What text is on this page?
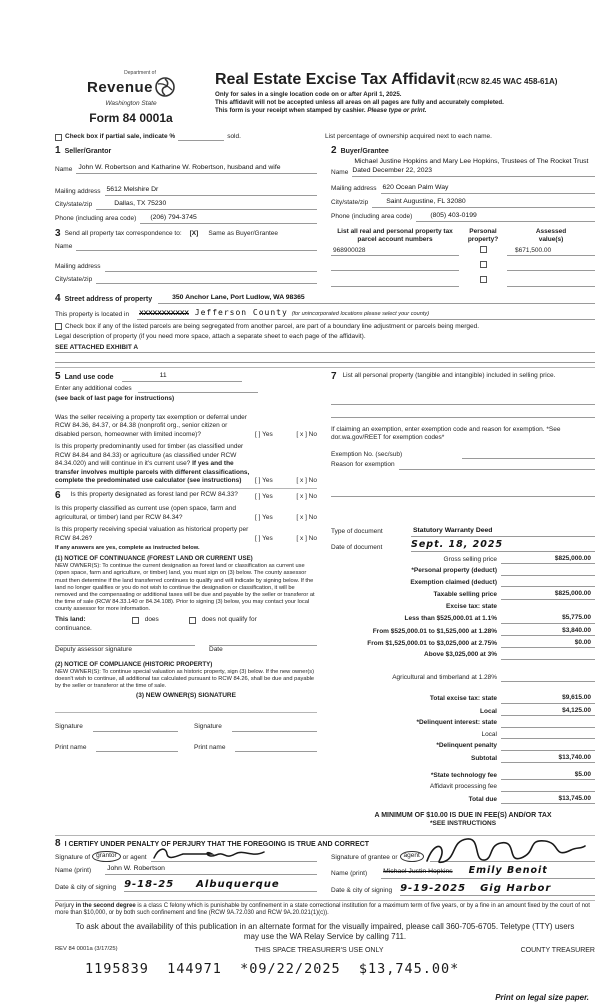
Department of
Revenue
Washington State
Form 84 0001a
Real Estate Excise Tax Affidavit (RCW 82.45 WAC 458-61A)
Only for sales in a single location code on or after April 1, 2025.
This affidavit will not be accepted unless all areas on all pages are fully and accurately completed.
This form is your receipt when stamped by cashier. Please type or print.
Check box if partial sale, indicate %	sold.	List percentage of ownership acquired next to each name.
1 Seller/Grantor
Name John W. Robertson and Katharine W. Robertson, husband and wife
Mailing address 5612 Melshire Dr
City/state/zip	Dallas, TX 75230
Phone (including area code)	(206) 794-3745
2 Buyer/Grantee
Name
Michael Justine Hopkins and Mary Lee Hopkins, Trustees of The Rocket Trust Dated December 22, 2023
Mailing address 620 Ocean Palm Way
City/state/zip	Saint Augustine, FL 32080
Phone (including area code)	(805) 403-0199
3 Send all property tax correspondence to: [X] Same as Buyer/Grantee
Name
Mailing address
City/state/zip
List all real and personal property tax
parcel account numbers
Personal
property?
Assessed
value(s)
968900028	$671,500.00
4 Street address of property	350 Anchor Lane, Port Ludlow, WA 98365
This property is located in XXXXXXXXXXX Jefferson County (for unincorporated locations please select your county)
Check box if any of the listed parcels are being segregated from another parcel, are part of a boundary line adjustment or parcels being merged.
Legal description of property (if you need more space, attach a separate sheet to each page of the affidavit).
SEE ATTACHED EXHIBIT A
5 Land use code	11
Enter any additional codes
(see back of last page for instructions)
Was the seller receiving a property tax exemption or deferral under RCW 84.36, 84.37, or 84.38 (nonprofit org., senior citizen or disabled person, homeowner with limited income)?	[ ] Yes	[ x ] No
Is this property predominantly used for timber (as classified under RCW 84.84 and 84.33) or agriculture (as classified under RCW 84.34.020) and will continue in it's current use? If yes and the transfer involves multiple parcels with different classifications, complete the predominated use calculator (see instructions)	[ ] Yes	[ x ] No
6	Is this property designated as forest land per RCW 84.33?	[ ] Yes	[ x ] No
Is this property classified as current use (open space, farm and agricultural, or timber) land per RCW 84.34?	[ ] Yes	[ x ] No
Is this property receiving special valuation as historical property per RCW 84.26?	[ ] Yes	[ x ] No
If any answers are yes, complete as instructed below.
(1) NOTICE OF CONTINUANCE (FOREST LAND OR CURRENT USE)
NEW OWNER(S): To continue the current designation as forest land or classification as current use (open space, farm and agriculture, or timber) land, you must sign on (3) below. The county assessor must then determine if the land transferred continues to qualify and will indicate by signing below. If the land no longer qualifies or you do not wish to continue the designation or classification, it will be removed and the compensating or additional taxes will be due and payable by the seller or transferor at the time of sale (RCW 84.33.140 or 84.34.108). Prior to signing (3) below, you may contact your local county assessor for more information.
This land:	does	does not qualify for
continuance.
Deputy assessor signature	Date
(2) NOTICE OF COMPLIANCE (HISTORIC PROPERTY)
NEW OWNER(S): To continue special valuation as historic property, sign (3) below. If the new owner(s) doesn't wish to continue, all additional tax calculated pursuant to RCW 84.26, shall be due and payable by the seller or transferor at the time of sale.
(3) NEW OWNER(S) SIGNATURE
Signature	Signature
Print name	Print name
7 List all personal property (tangible and intangible) included in selling price.
If claiming an exemption, enter exemption code and reason for exemption. *See dor.wa.gov/REET for exemption codes*
Exemption No. (sec/sub)
Reason for exemption
Type of document	Statutory Warranty Deed
Date of document	Sept. 18, 2025
Gross selling price	$825,000.00
*Personal property (deduct)
Exemption claimed (deduct)
Taxable selling price	$825,000.00
Excise tax: state
Less than $525,000.01 at 1.1%	$5,775.00
From $525,000.01 to $1,525,000 at 1.28%	$3,840.00
From $1,525,000.01 to $3,025,000 at 2.75%	$0.00
Above $3,025,000 at 3%
Agricultural and timberland at 1.28%
Total excise tax: state	$9,615.00
Local	$4,125.00
*Delinquent interest: state
Local
*Delinquent penalty
Subtotal	$13,740.00
*State technology fee	$5.00
Affidavit processing fee
Total due	$13,745.00
A MINIMUM OF $10.00 IS DUE IN FEE(S) AND/OR TAX
*SEE INSTRUCTIONS
8 I CERTIFY UNDER PENALTY OF PERJURY THAT THE FOREGOING IS TRUE AND CORRECT
Signature of grantor or agent
Name (print) John W. Robertson
Date & city of signing 9-18-25 Albuquerque
Signature of grantee or agent
Name (print) Michael Justin Hopkins Emily Benoit
Date & city of signing 9-19-2025 Gig Harbor
Perjury in the second degree is a class C felony which is punishable by confinement in a state correctional institution for a maximum term of five years, or by a fine in an amount fixed by the court of not more than $10,000, or by both such confinement and fine (RCW 9A.72.030 and RCW 9A.20.021(1)(c)).
To ask about the availability of this publication in an alternate format for the visually impaired, please call 360-705-6705. Teletype (TTY) users may use the WA Relay Service by calling 711.
REV 84 0001a (3/17/25)	THIS SPACE TREASURER'S USE ONLY	COUNTY TREASURER
1195839  144971  *09/22/2025  $13,745.00*
Print on legal size paper.
